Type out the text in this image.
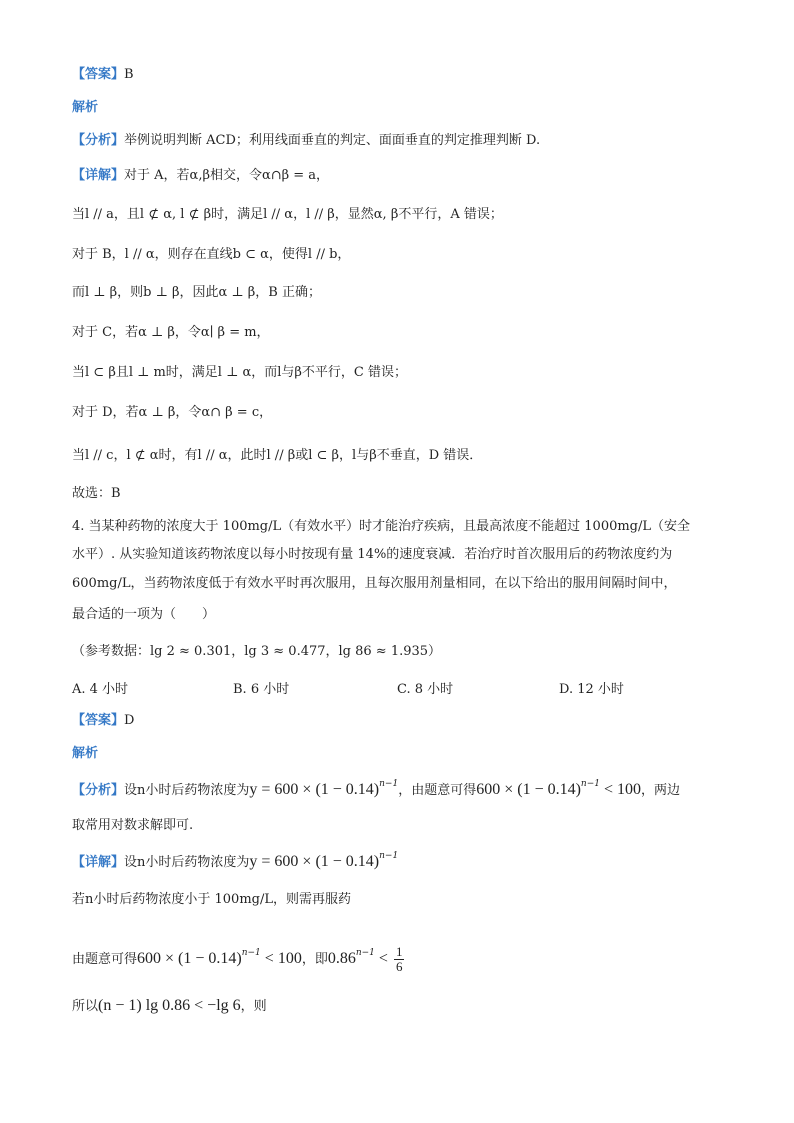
【答案】B
解析
【分析】举例说明判断 ACD；利用线面垂直的判定、面面垂直的判定推理判断 D.
【详解】对于 A，若α,β相交，令α∩β = a，
当l // a，且l ⊄ α, l ⊄ β时，满足l // α，l // β，显然α, β不平行，A 错误；
对于 B，l // α，则存在直线b ⊂ α，使得l // b，
而l ⊥ β，则b ⊥ β，因此α ⊥ β，B 正确；
对于 C，若α ⊥ β，令α∣ β = m，
当l ⊂ β且l ⊥ m时，满足l ⊥ α，而l与β不平行，C 错误；
对于 D，若α ⊥ β，令α∩ β = c，
当l // c，l ⊄ α时，有l // α，此时l // β或l ⊂ β，l与β不垂直，D 错误．
故选：B
4. 当某种药物的浓度大于 100mg/L（有效水平）时才能治疗疾病，且最高浓度不能超过 1000mg/L（安全
水平）. 从实验知道该药物浓度以每小时按现有量 14%的速度衰减．若治疗时首次服用后的药物浓度约为
600mg/L，当药物浓度低于有效水平时再次服用，且每次服用剂量相同，在以下给出的服用间隔时间中，
最合适的一项为（　　）
（参考数据：lg 2 ≈ 0.301，lg 3 ≈ 0.477，lg 86 ≈ 1.935）
A. 4 小时	B. 6 小时	C. 8 小时	D. 12 小时
【答案】D
解析
【分析】设n小时后药物浓度为$y = 600 \times (1 - 0.14)^{n-1}$，由题意可得$600 \times (1 - 0.14)^{n-1} < 100$，两边
取常用对数求解即可.
【详解】设n小时后药物浓度为$y = 600 \times (1 - 0.14)^{n-1}$
若n小时后药物浓度小于 100mg/L，则需再服药
由题意可得$600 \times (1 - 0.14)^{n-1} < 100$，即$0.86^{n-1} < \frac{1}{6}$
所以(n − 1) lg 0.86 < −lg 6，则
